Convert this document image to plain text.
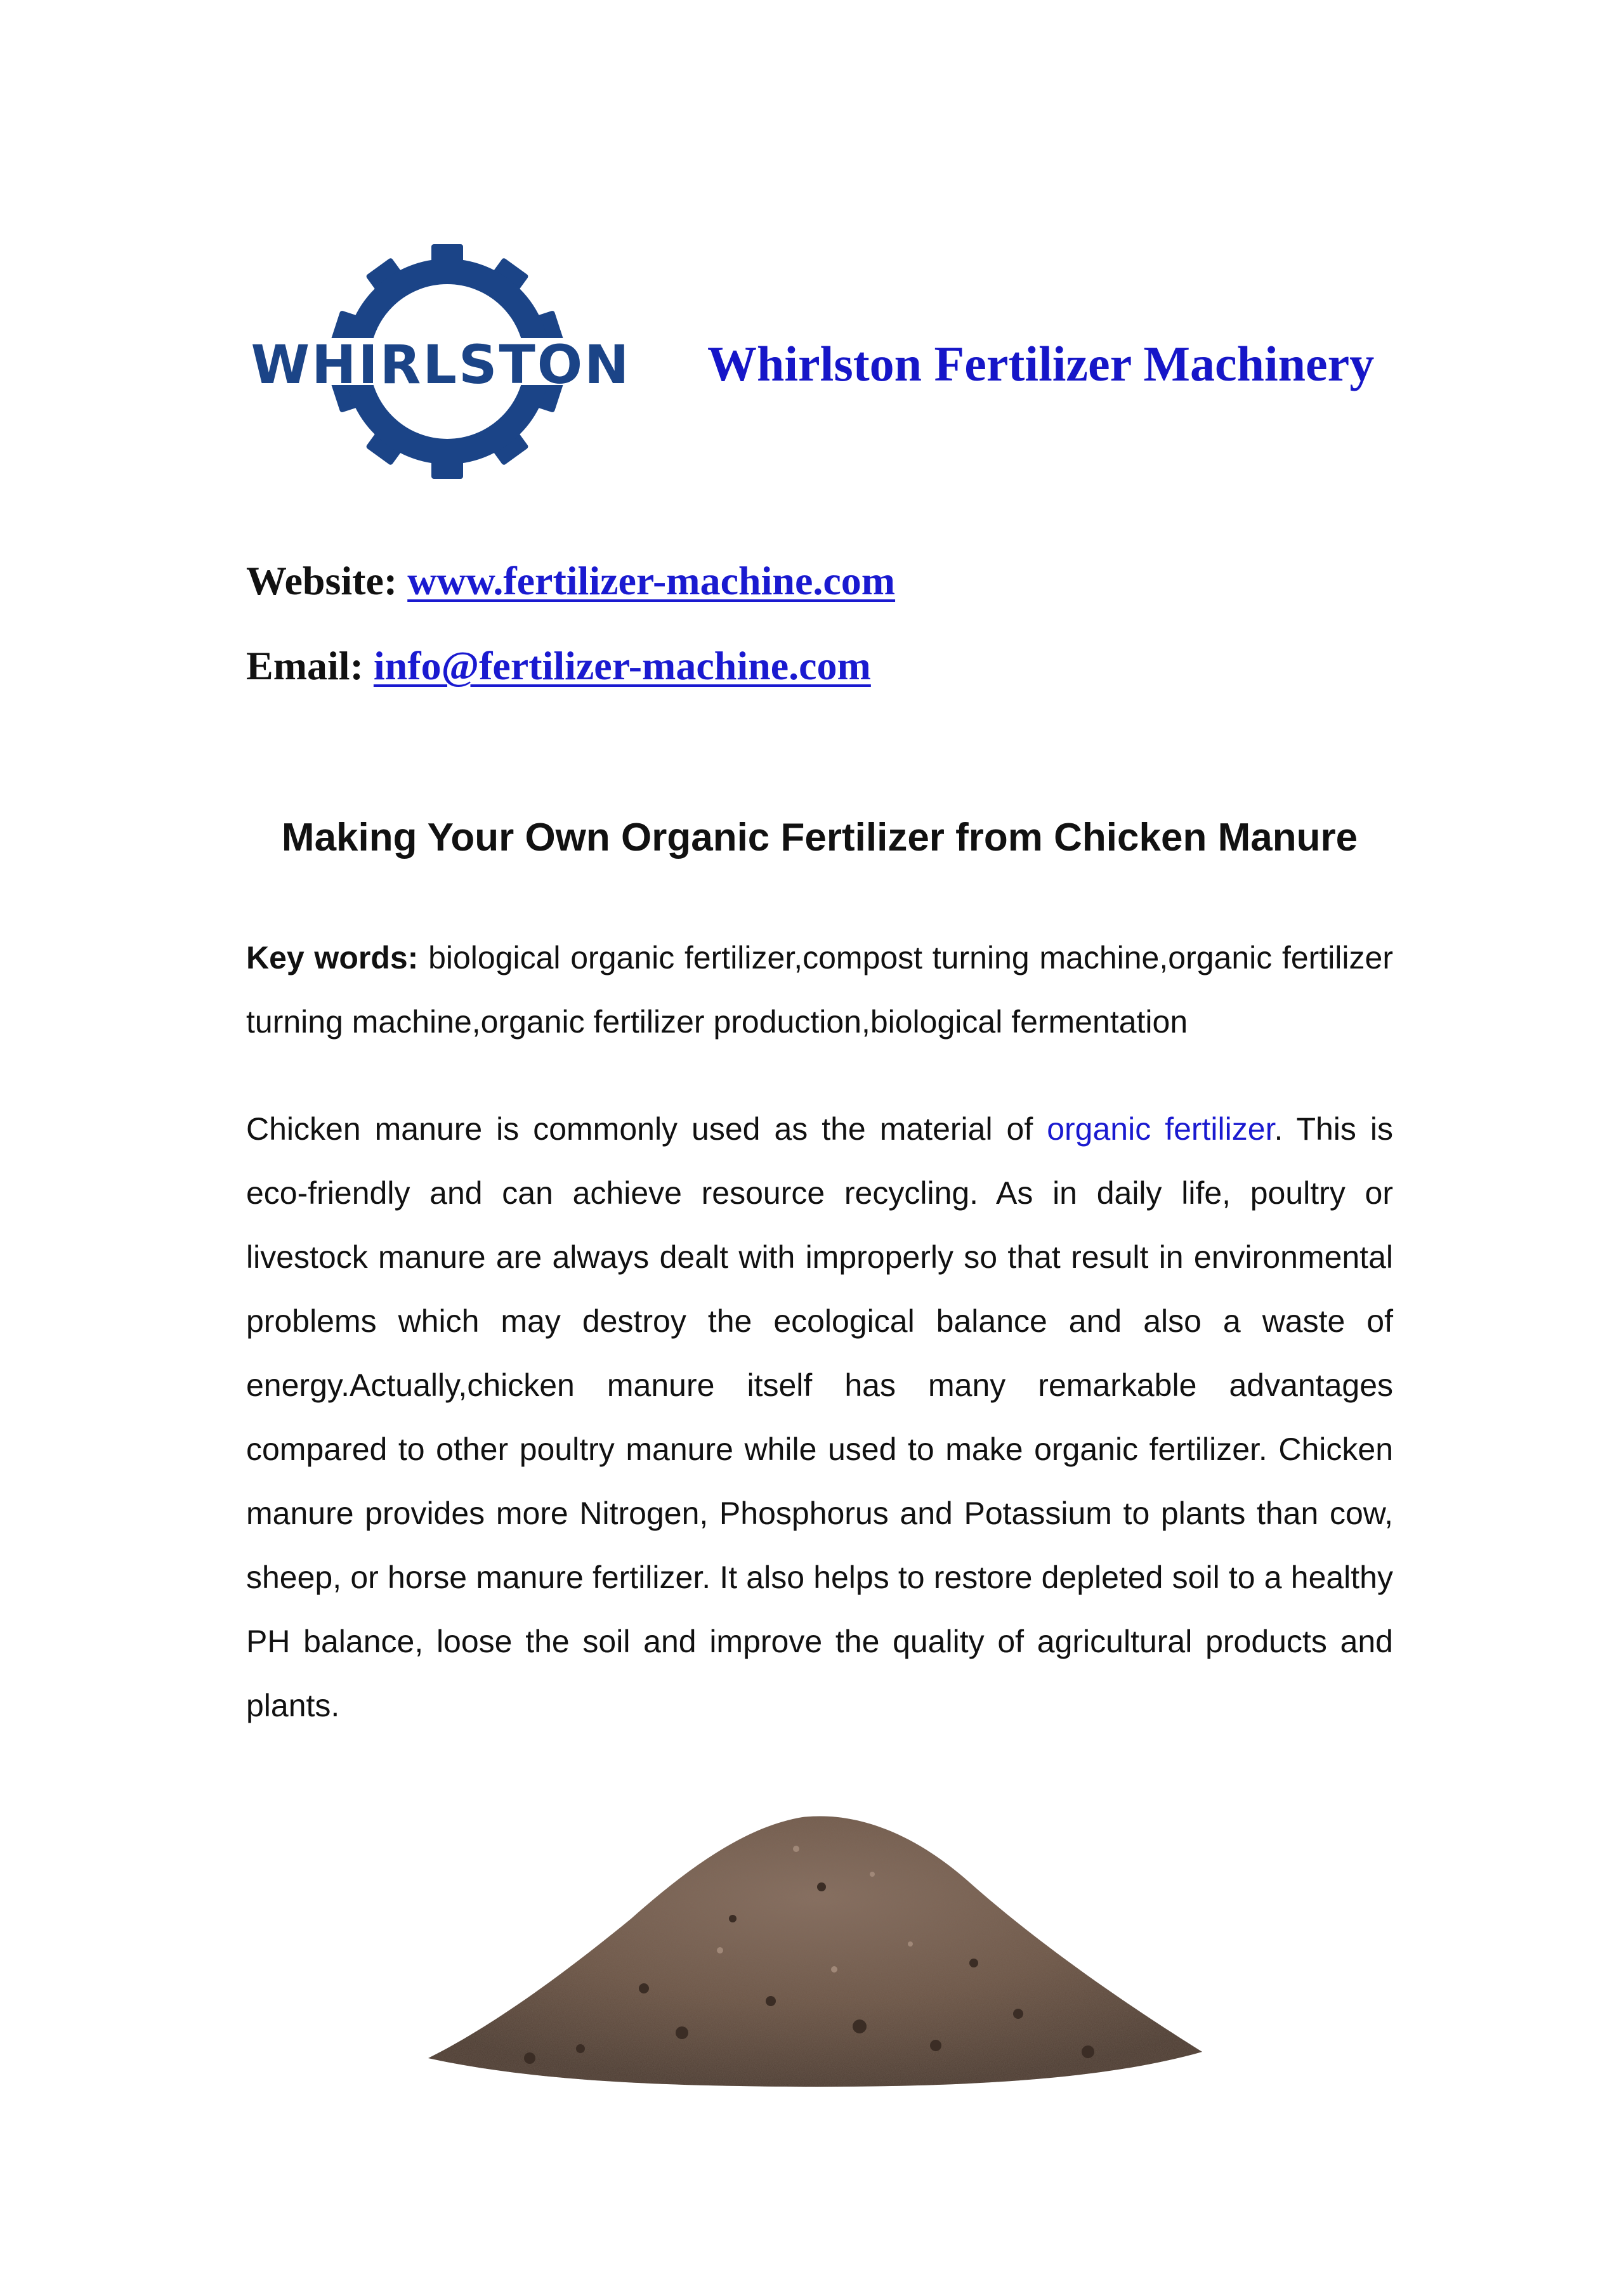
WHIRLSTON Whirlston Fertilizer Machinery
Website: www.fertilizer-machine.com
Email: info@fertilizer-machine.com
Making Your Own Organic Fertilizer from Chicken Manure
Key words: biological organic fertilizer,compost turning machine,organic fertilizer turning machine,organic fertilizer production,biological fermentation
Chicken manure is commonly used as the material of organic fertilizer. This is eco-friendly and can achieve resource recycling. As in daily life, poultry or livestock manure are always dealt with improperly so that result in environmental problems which may destroy the ecological balance and also a waste of energy.Actually,chicken manure itself has many remarkable advantages compared to other poultry manure while used to make organic fertilizer. Chicken manure provides more Nitrogen, Phosphorus and Potassium to plants than cow, sheep, or horse manure fertilizer. It also helps to restore depleted soil to a healthy PH balance, loose the soil and improve the quality of agricultural products and plants.
